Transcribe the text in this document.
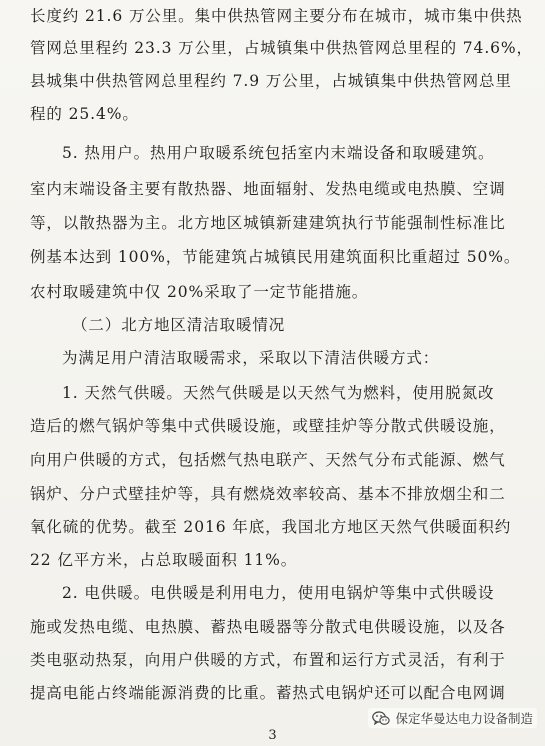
长度约 21.6 万公里。集中供热管网主要分布在城市，城市集中供热
管网总里程约 23.3 万公里，占城镇集中供热管网总里程的 74.6%，
县城集中供热管网总里程约 7.9 万公里，占城镇集中供热管网总里
程的 25.4%。
5. 热用户。热用户取暖系统包括室内末端设备和取暖建筑。
室内末端设备主要有散热器、地面辐射、发热电缆或电热膜、空调
等，以散热器为主。北方地区城镇新建建筑执行节能强制性标准比
例基本达到 100%，节能建筑占城镇民用建筑面积比重超过 50%。
农村取暖建筑中仅 20%采取了一定节能措施。
（二）北方地区清洁取暖情况
为满足用户清洁取暖需求，采取以下清洁供暖方式：
1. 天然气供暖。天然气供暖是以天然气为燃料，使用脱氮改
造后的燃气锅炉等集中式供暖设施，或壁挂炉等分散式供暖设施，
向用户供暖的方式，包括燃气热电联产、天然气分布式能源、燃气
锅炉、分户式壁挂炉等，具有燃烧效率较高、基本不排放烟尘和二
氧化硫的优势。截至 2016 年底，我国北方地区天然气供暖面积约
22 亿平方米，占总取暖面积 11%。
2. 电供暖。电供暖是利用电力，使用电锅炉等集中式供暖设
施或发热电缆、电热膜、蓄热电暖器等分散式电供暖设施，以及各
类电驱动热泵，向用户供暖的方式，布置和运行方式灵活，有利于
提高电能占终端能源消费的比重。蓄热式电锅炉还可以配合电网调
保定华曼达电力设备制造
3
